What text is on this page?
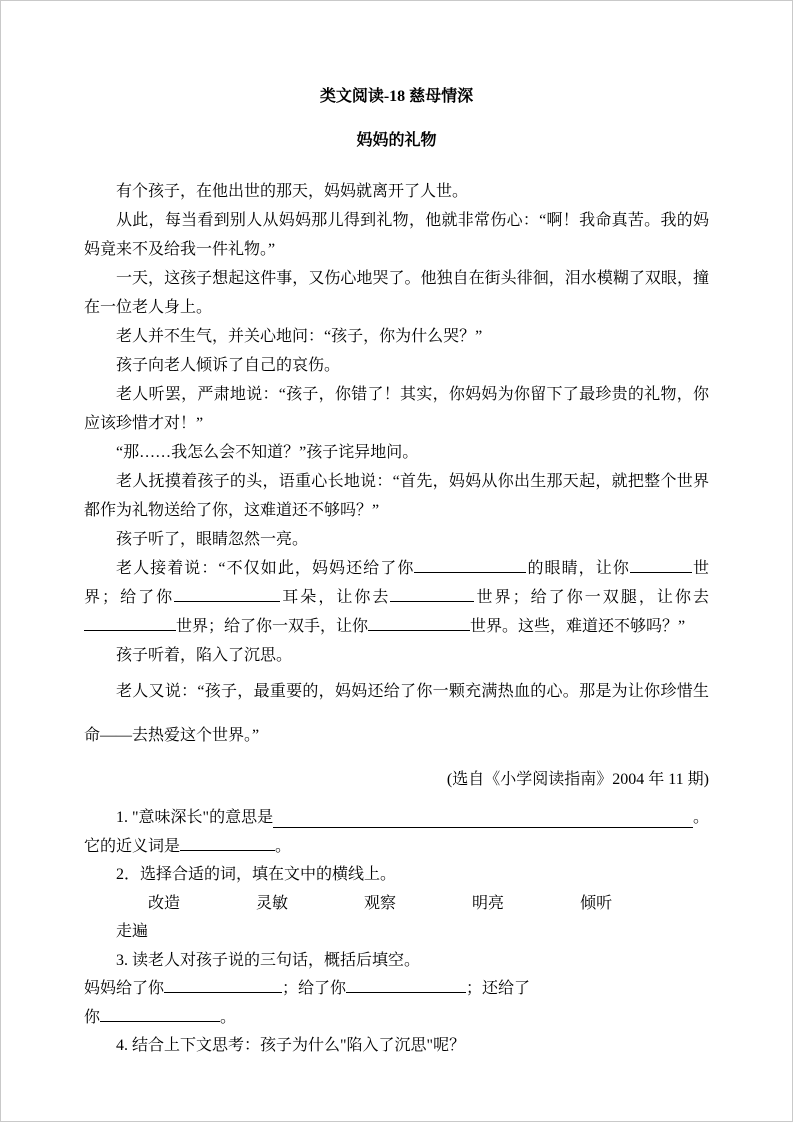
类文阅读-18 慈母情深

妈妈的礼物

有个孩子，在他出世的那天，妈妈就离开了人世。

从此，每当看到别人从妈妈那儿得到礼物，他就非常伤心：“啊！我命真苦。我的妈妈竟来不及给我一件礼物。”

一天，这孩子想起这件事，又伤心地哭了。他独自在街头徘徊，泪水模糊了双眼，撞在一位老人身上。

老人并不生气，并关心地问：“孩子，你为什么哭？”

孩子向老人倾诉了自己的哀伤。

老人听罢，严肃地说：“孩子，你错了！其实，你妈妈为你留下了最珍贵的礼物，你应该珍惜才对！”

“那……我怎么会不知道？”孩子诧异地问。

老人抚摸着孩子的头，语重心长地说：“首先，妈妈从你出生那天起，就把整个世界都作为礼物送给了你，这难道还不够吗？”

孩子听了，眼睛忽然一亮。

老人接着说：“不仅如此，妈妈还给了你	的眼睛，让你	世界；给了你	耳朵，让你去	世界；给了你一双腿，让你去世界；给了你一双手，让你	世界。这些，难道还不够吗？”

孩子听着，陷入了沉思。

老人又说：“孩子，最重要的，妈妈还给了你一颗充满热血的心。那是为让你珍惜生命——去热爱这个世界。”

(选自《小学阅读指南》2004 年 11 期)

1. "意味深长"的意思是	。

它的近义词是	。

2．选择合适的词，填在文中的横线上。

改造	灵敏	观察	明亮	倾听走遍

3. 读老人对孩子说的三句话，概括后填空。

妈妈给了你	；给了你	；还给了

你	。

4. 结合上下文思考：孩子为什么"陷入了沉思"呢？
